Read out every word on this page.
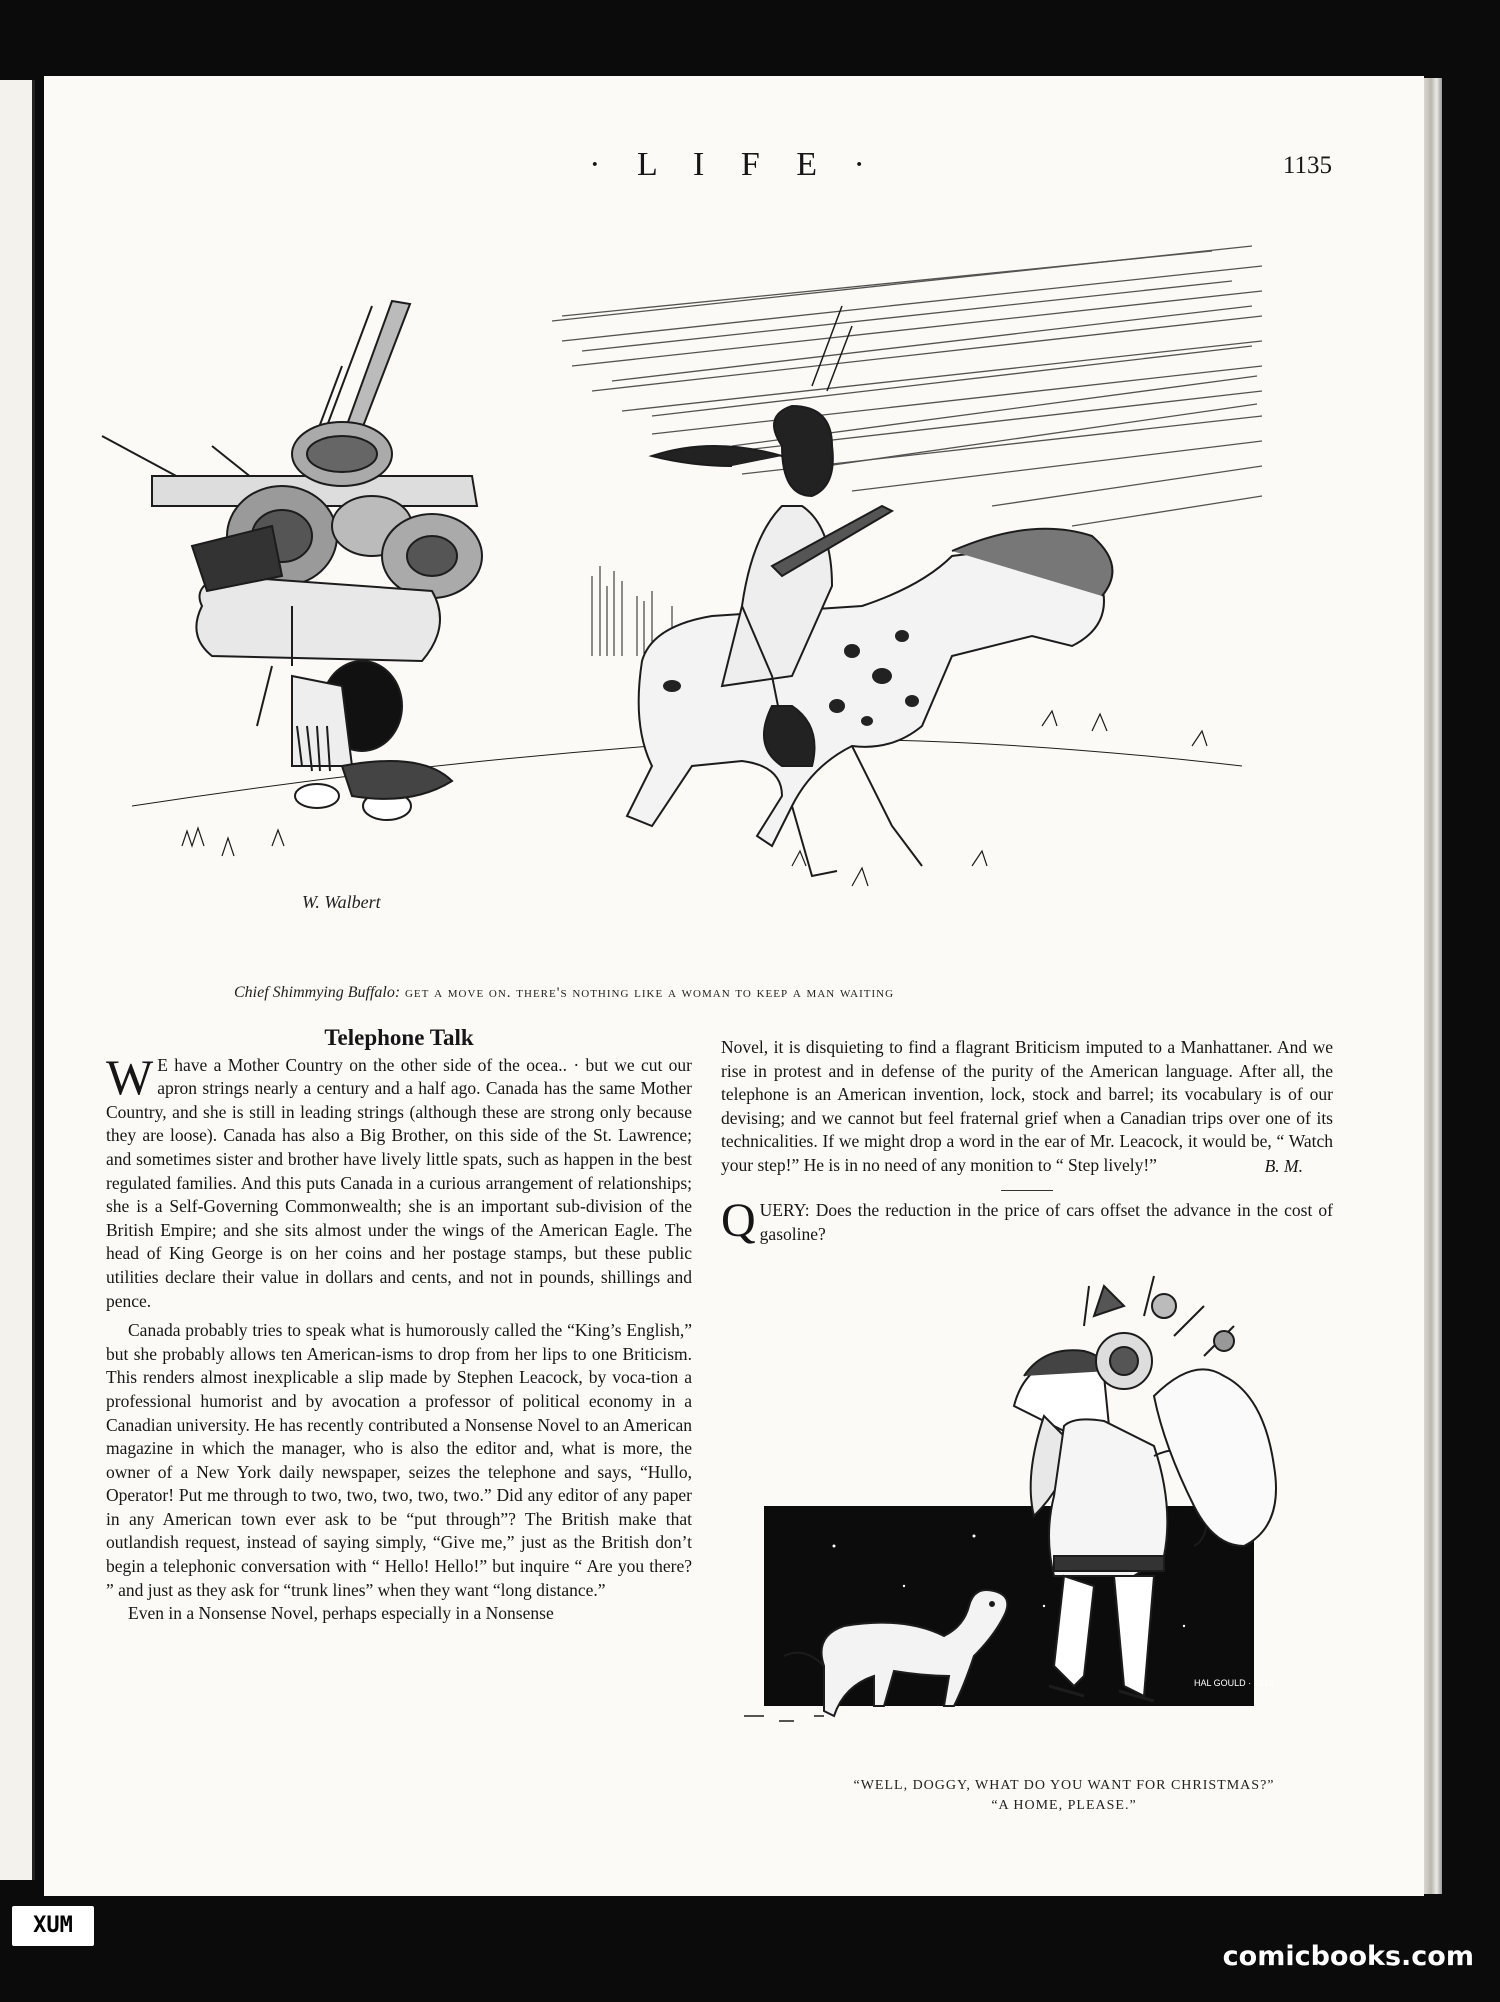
· L I F E ·	1135
W. Walbert
Chief Shimmying Buffalo: get a move on. there's nothing like a woman to keep a man waiting
Telephone Talk

W E have a Mother Country on the other side of the ocea.. · but we cut our apron strings nearly a century and a half ago. Canada has the same Mother Country, and she is still in leading strings (although these are strong only because they are loose). Canada has also a Big Brother, on this side of the St. Lawrence; and sometimes sister and brother have lively little spats, such as happen in the best regulated families. And this puts Canada in a curious arrangement of relationships; she is a Self-Governing Commonwealth; she is an important sub-division of the British Empire; and she sits almost under the wings of the American Eagle. The head of King George is on her coins and her postage stamps, but these public utilities declare their value in dollars and cents, and not in pounds, shillings and pence.

Canada probably tries to speak what is humorously called the “King’s English,” but she probably allows ten American-isms to drop from her lips to one Briticism. This renders almost inexplicable a slip made by Stephen Leacock, by voca-tion a professional humorist and by avocation a professor of political economy in a Canadian university. He has recently contributed a Nonsense Novel to an American magazine in which the manager, who is also the editor and, what is more, the owner of a New York daily newspaper, seizes the telephone and says, “Hullo, Operator! Put me through to two, two, two, two, two.” Did any editor of any paper in any American town ever ask to be “put through”? The British make that outlandish request, instead of saying simply, “Give me,” just as the British don’t begin a telephonic conversation with “ Hello! Hello!” but inquire “ Are you there? ” and just as they ask for “trunk lines” when they want “long distance.”

Even in a Nonsense Novel, perhaps especially in a Nonsense

Novel, it is disquieting to find a flagrant Briticism imputed to a Manhattaner. And we rise in protest and in defense of the purity of the American language. After all, the telephone is an American invention, lock, stock and barrel; its vocabulary is of our devising; and we cannot but feel fraternal grief when a Canadian trips over one of its technicalities. If we might drop a word in the ear of Mr. Leacock, it would be, “ Watch your step!” He is in no need of any monition to “ Step lively!”	B. M.
QUERY: Does the reduction in the price of cars offset the advance in the cost of gasoline?
HAL GOULD · 1916
“WELL, DOGGY, WHAT DO YOU WANT FOR CHRISTMAS?”
“A HOME, PLEASE.”
XUM
comicbooks.com
